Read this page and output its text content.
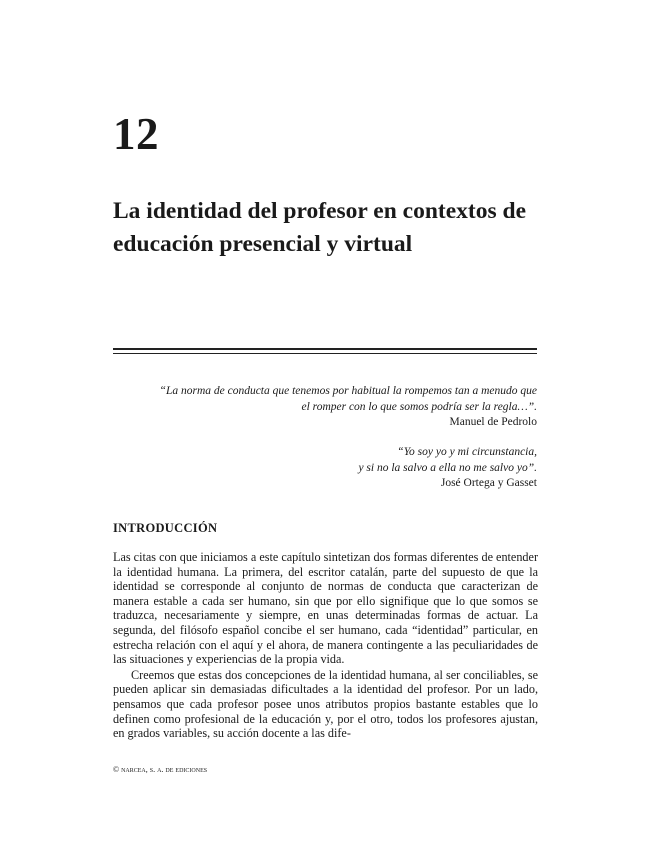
12
La identidad del profesor en contextos de educación presencial y virtual
“La norma de conducta que tenemos por habitual la rompemos tan a menudo que
el romper con lo que somos podría ser la regla…”.
Manuel de Pedrolo
“Yo soy yo y mi circunstancia,
y si no la salvo a ella no me salvo yo”.
José Ortega y Gasset
INTRODUCCIÓN

Las citas con que iniciamos a este capítulo sintetizan dos formas diferentes de entender la identidad humana. La primera, del escritor catalán, parte del supuesto de que la identidad se corresponde al conjunto de normas de conducta que caracterizan de manera estable a cada ser humano, sin que por ello signifique que lo que somos se traduzca, necesariamente y siempre, en unas determinadas formas de actuar. La segunda, del filósofo español concibe el ser humano, cada “identidad” particular, en estrecha relación con el aquí y el ahora, de manera contingente a las peculiaridades de las situaciones y experiencias de la propia vida.

Creemos que estas dos concepciones de la identidad humana, al ser conciliables, se pueden aplicar sin demasiadas dificultades a la identidad del profesor. Por un lado, pensamos que cada profesor posee unos atributos propios bastante estables que lo definen como profesional de la educación y, por el otro, todos los profesores ajustan, en grados variables, su acción docente a las dife-

© narcea, s. a. de ediciones
